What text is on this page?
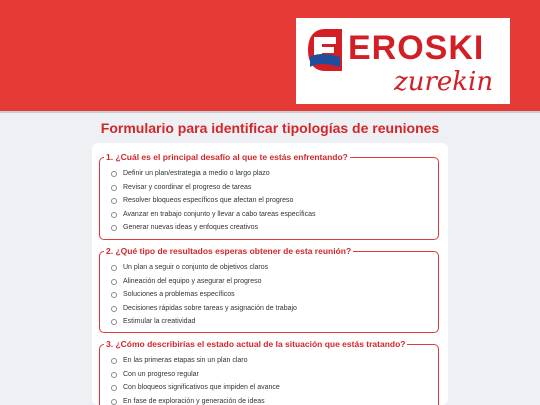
EROSKI
zurekin
Formulario para identificar tipologías de reuniones
1. ¿Cuál es el principal desafío al que te estás enfrentando?
Definir un plan/estrategia a medio o largo plazo
Revisar y coordinar el progreso de tareas
Resolver bloqueos específicos que afectan el progreso
Avanzar en trabajo conjunto y llevar a cabo tareas específicas
Generar nuevas ideas y enfoques creativos
2. ¿Qué tipo de resultados esperas obtener de esta reunión?
Un plan a seguir o conjunto de objetivos claros
Alineación del equipo y asegurar el progreso
Soluciones a problemas específicos
Decisiones rápidas sobre tareas y asignación de trabajo
Estimular la creatividad
3. ¿Cómo describirías el estado actual de la situación que estás tratando?
En las primeras etapas sin un plan claro
Con un progreso regular
Con bloqueos significativos que impiden el avance
En fase de exploración y generación de ideas
